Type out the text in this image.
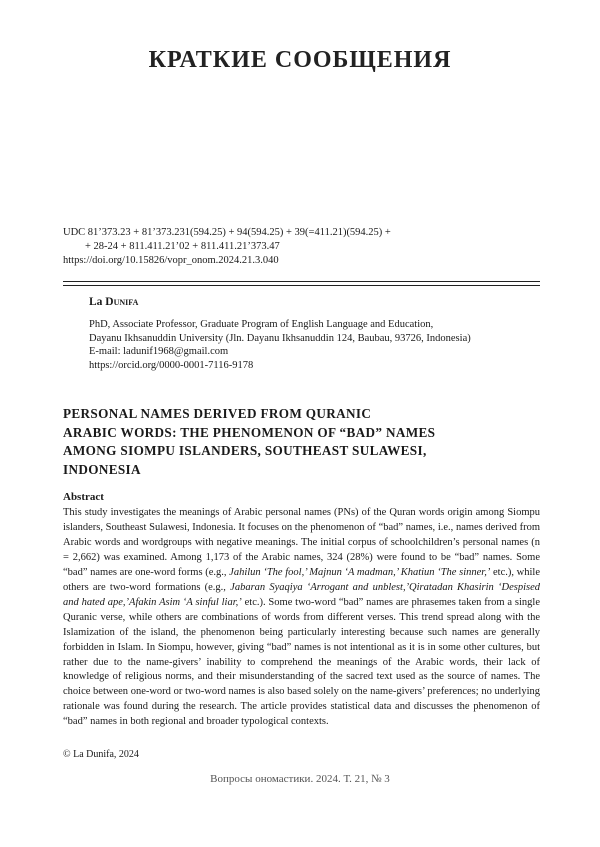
КРАТКИЕ СООБЩЕНИЯ
UDC 81’373.23 + 81’373.231(594.25) + 94(594.25) + 39(=411.21)(594.25) +
+ 28-24 + 811.411.21’02 + 811.411.21’373.47
https://doi.org/10.15826/vopr_onom.2024.21.3.040
La Dunifa
PhD, Associate Professor, Graduate Program of English Language and Education,
Dayanu Ikhsanuddin University (Jln. Dayanu Ikhsanuddin 124, Baubau, 93726, Indonesia)
E-mail: ladunif1968@gmail.com
https://orcid.org/0000-0001-7116-9178
PERSONAL NAMES DERIVED FROM QURANIC
ARABIC WORDS: THE PHENOMENON OF “BAD” NAMES
AMONG SIOMPU ISLANDERS, SOUTHEAST SULAWESI,
INDONESIA
Abstract
This study investigates the meanings of Arabic personal names (PNs) of the Quran words origin among Siompu islanders, Southeast Sulawesi, Indonesia. It focuses on the phenomenon of “bad” names, i.e., names derived from Arabic words and wordgroups with negative meanings. The initial corpus of schoolchildren’s personal names (n = 2,662) was examined. Among 1,173 of the Arabic names, 324 (28%) were found to be “bad” names. Some “bad” names are one-word forms (e.g., Jahilun ‘The fool,’ Majnun ‘A madman,’ Khatiun ‘The sinner,’ etc.), while others are two-word formations (e.g., Jabaran Syaqiya ‘Arrogant and unblest,’Qiratadan Khasirin ‘Despised and hated ape,’Afakin Asim ‘A sinful liar,’ etc.). Some two-word “bad” names are phrasemes taken from a single Quranic verse, while others are combinations of words from different verses. This trend spread along with the Islamization of the island, the phenomenon being particularly interesting because such names are generally forbidden in Islam. In Siompu, however, giving “bad” names is not intentional as it is in some other cultures, but rather due to the name-givers’ inability to comprehend the meanings of the Arabic words, their lack of knowledge of religious norms, and their misunderstanding of the sacred text used as the source of names. The choice between one-word or two-word names is also based solely on the name-givers’ preferences; no underlying rationale was found during the research. The article provides statistical data and discusses the phenomenon of “bad” names in both regional and broader typological contexts.
© La Dunifa, 2024
Вопросы ономастики. 2024. Т. 21, № 3
